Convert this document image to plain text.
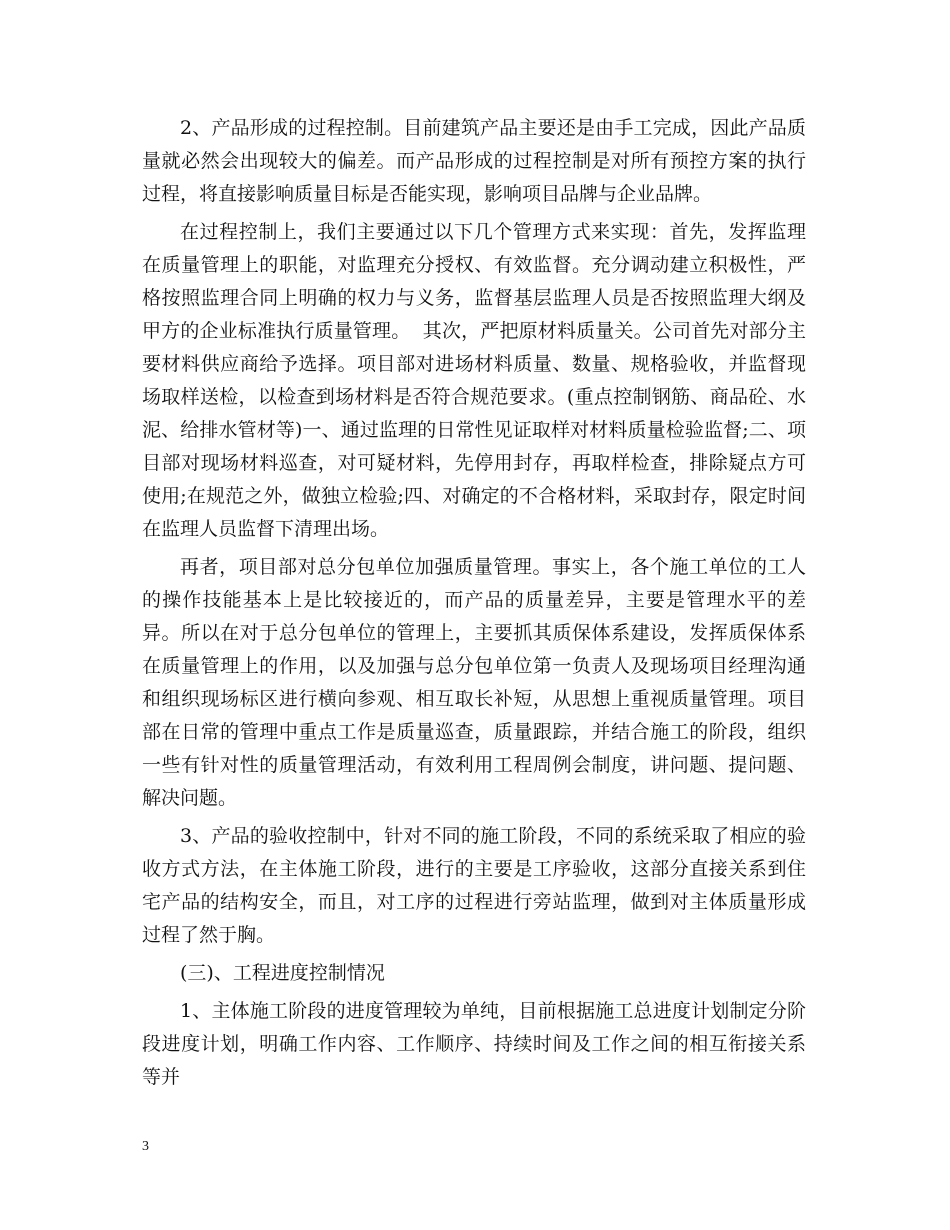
2、产品形成的过程控制。目前建筑产品主要还是由手工完成，因此产品质量就必然会出现较大的偏差。而产品形成的过程控制是对所有预控方案的执行过程，将直接影响质量目标是否能实现，影响项目品牌与企业品牌。

在过程控制上，我们主要通过以下几个管理方式来实现：首先，发挥监理在质量管理上的职能，对监理充分授权、有效监督。充分调动建立积极性，严格按照监理合同上明确的权力与义务，监督基层监理人员是否按照监理大纲及甲方的企业标准执行质量管理。  其次，严把原材料质量关。公司首先对部分主要材料供应商给予选择。项目部对进场材料质量、数量、规格验收，并监督现场取样送检，以检查到场材料是否符合规范要求。(重点控制钢筋、商品砼、水泥、给排水管材等)一、通过监理的日常性见证取样对材料质量检验监督;二、项目部对现场材料巡查，对可疑材料，先停用封存，再取样检查，排除疑点方可使用;在规范之外，做独立检验;四、对确定的不合格材料，采取封存，限定时间在监理人员监督下清理出场。

再者，项目部对总分包单位加强质量管理。事实上，各个施工单位的工人的操作技能基本上是比较接近的，而产品的质量差异，主要是管理水平的差异。所以在对于总分包单位的管理上，主要抓其质保体系建设，发挥质保体系在质量管理上的作用，以及加强与总分包单位第一负责人及现场项目经理沟通和组织现场标区进行横向参观、相互取长补短，从思想上重视质量管理。项目部在日常的管理中重点工作是质量巡查，质量跟踪，并结合施工的阶段，组织一些有针对性的质量管理活动，有效利用工程周例会制度，讲问题、提问题、解决问题。

3、产品的验收控制中，针对不同的施工阶段，不同的系统采取了相应的验收方式方法，在主体施工阶段，进行的主要是工序验收，这部分直接关系到住宅产品的结构安全，而且，对工序的过程进行旁站监理，做到对主体质量形成过程了然于胸。

(三)、工程进度控制情况

1、主体施工阶段的进度管理较为单纯，目前根据施工总进度计划制定分阶段进度计划，明确工作内容、工作顺序、持续时间及工作之间的相互衔接关系等并

3
